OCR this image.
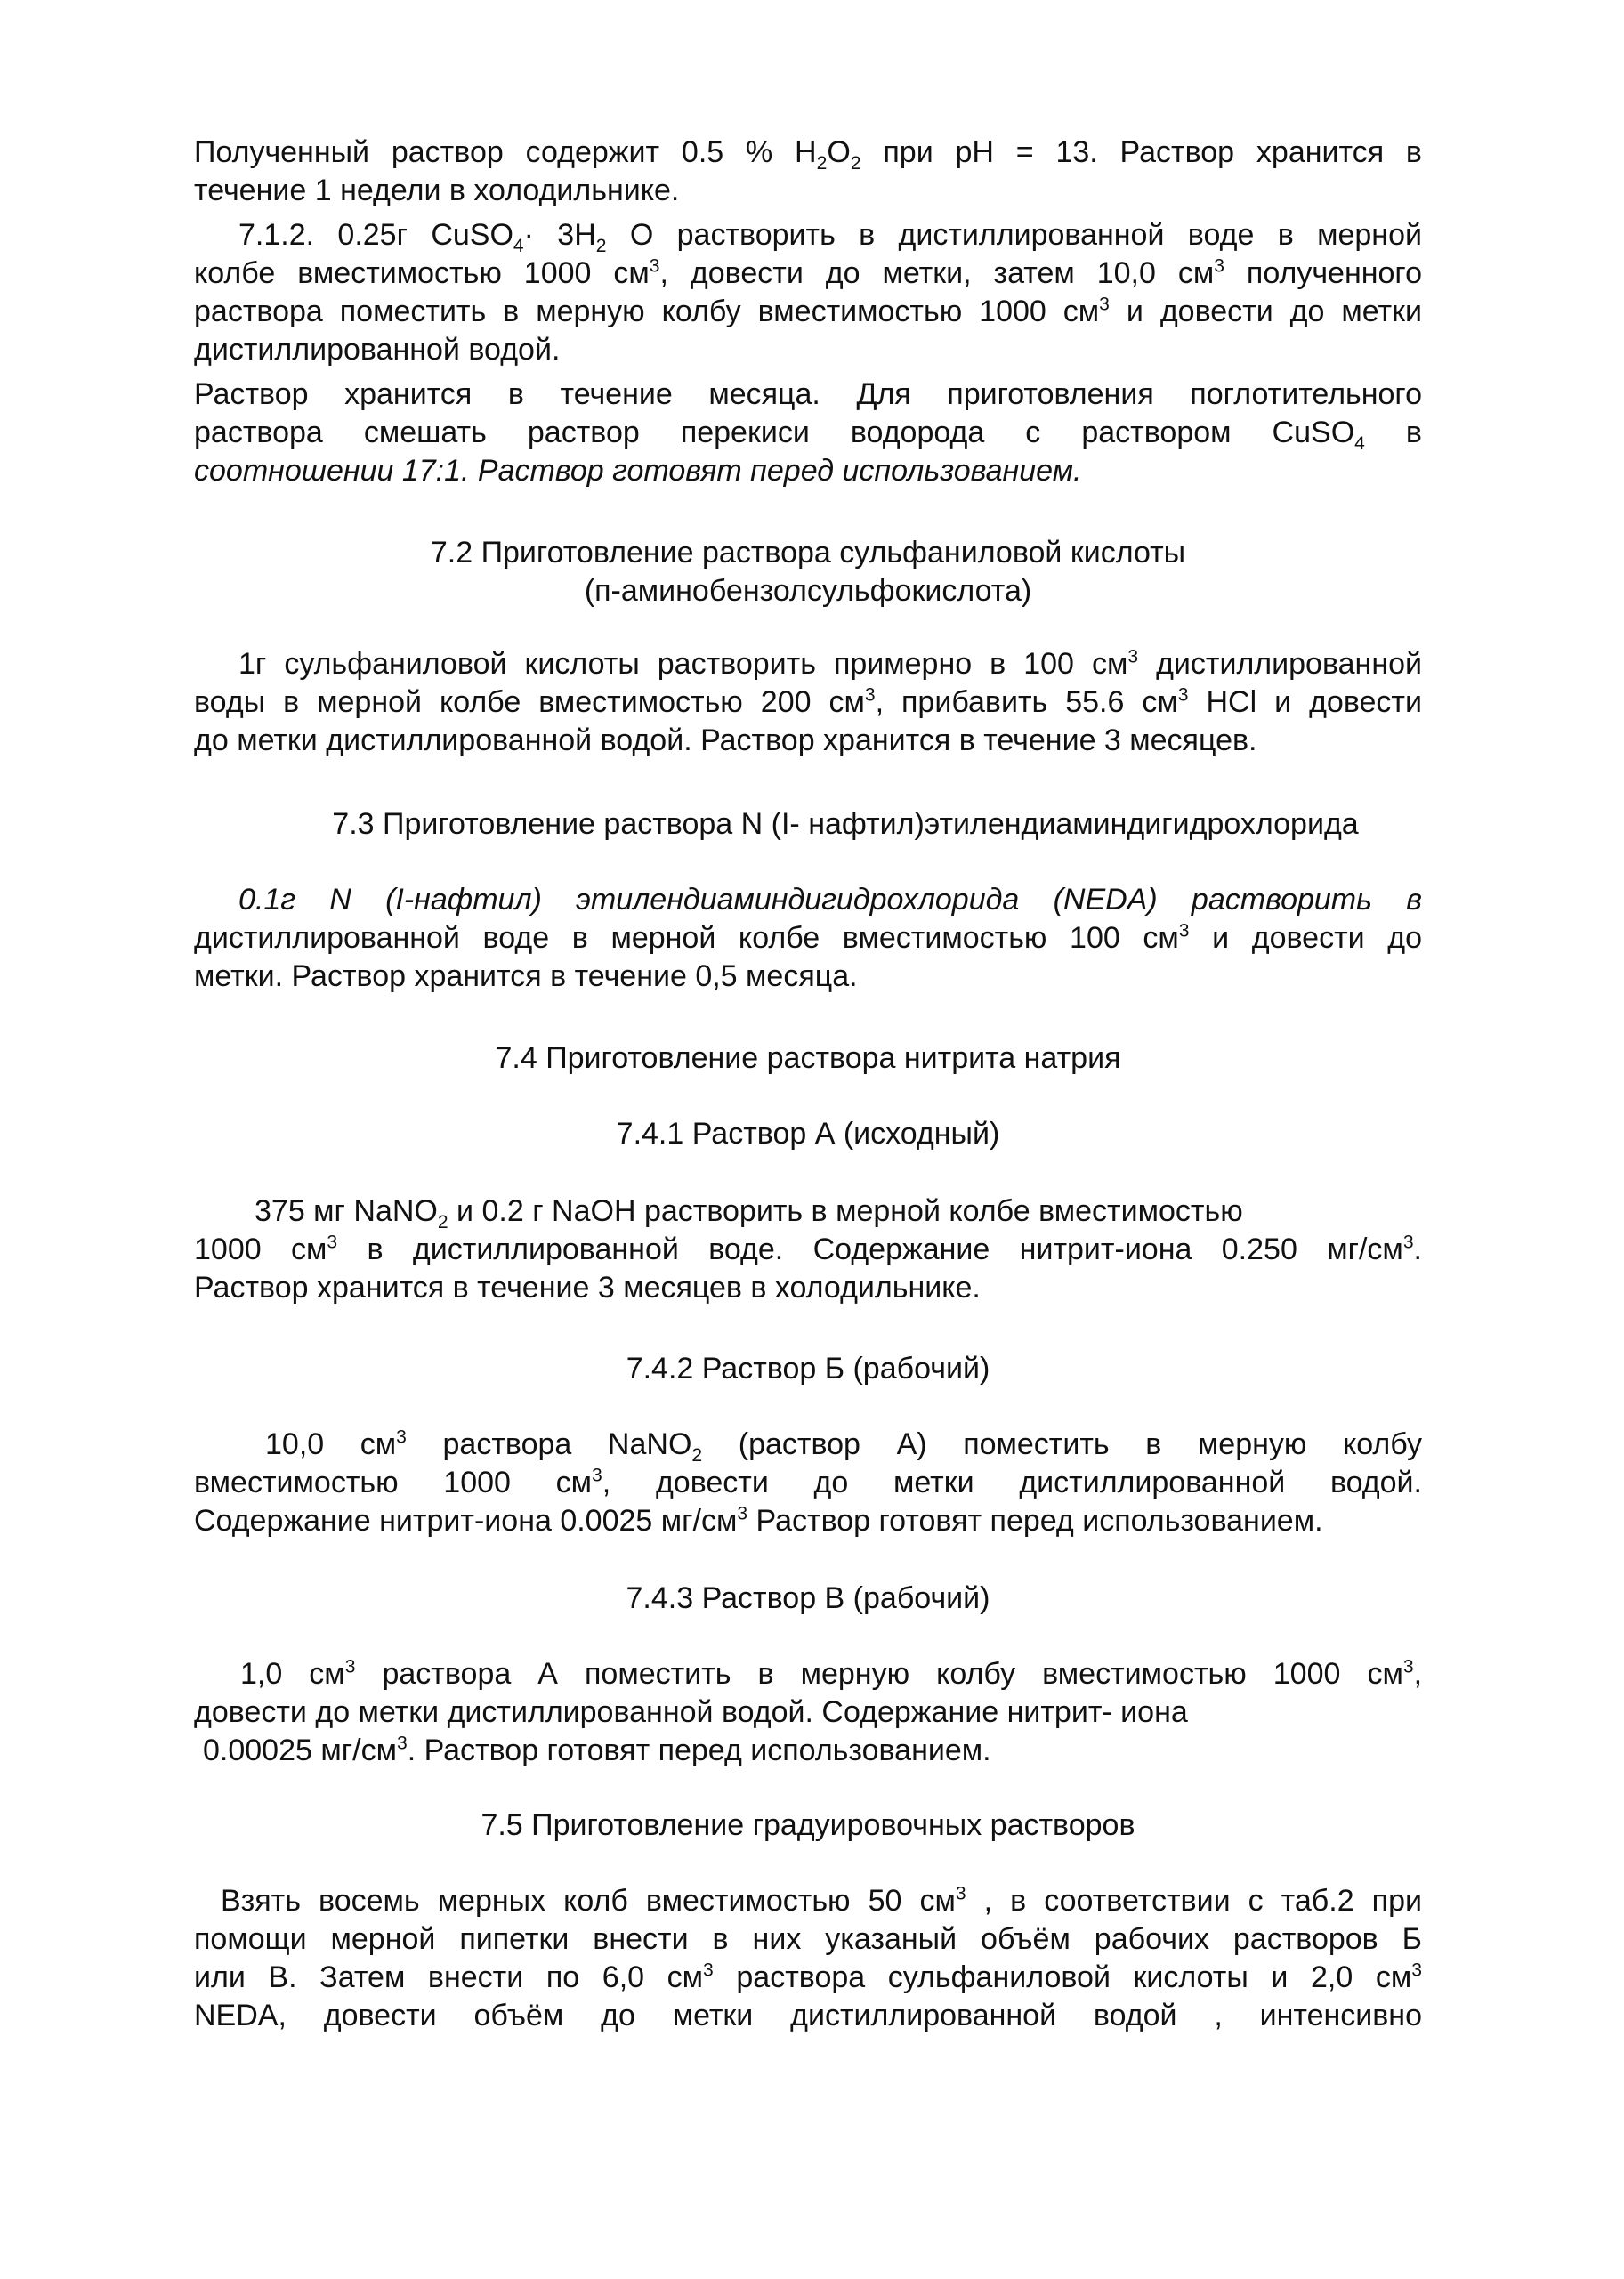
Полученный раствор содержит 0.5 % $H_2O_2$ при pH = 13. Раствор хранится в
течение 1 недели в холодильнике.
7.1.2. 0.25г CuSO$_4$· $3H_2$ O растворить в дистиллированной воде в мерной
колбе вместимостью 1000 $см^3$, довести до метки, затем 10,0 $см^3$ полученного
раствора поместить в мерную колбу вместимостью 1000 $см^3$ и довести до метки
дистиллированной водой.
Раствор хранится в течение месяца. Для приготовления поглотительного
раствора смешать раствор перекиси водорода с раствором CuSO$_4$ в
соотношении 17:1. Раствор готовят перед использованием.
7.2 Приготовление раствора сульфаниловой кислоты
(п-аминобензолсульфокислота)
1г сульфаниловой кислоты растворить примерно в 100 $см^3$ дистиллированной
воды в мерной колбе вместимостью 200 $см^3$, прибавить 55.6 $см^3$ HCl и довести
до метки дистиллированной водой. Раствор хранится в течение 3 месяцев.
7.3 Приготовление раствора N (I- нафтил)этилендиаминдигидрохлорида
0.1г N (I-нафтил) этилендиаминдигидрохлорида (NEDA) растворить в
дистиллированной воде в мерной колбе вместимостью 100 $см^3$ и довести до
метки. Раствор хранится в течение 0,5 месяца.
7.4 Приготовление раствора нитрита натрия
7.4.1 Раствор А (исходный)
375 мг NaNO$_2$ и 0.2 г NaOH растворить в мерной колбе вместимостью
1000 $см^3$ в дистиллированной воде. Содержание нитрит-иона 0.250 $мг/см^3$.
Раствор хранится в течение 3 месяцев в холодильнике.
7.4.2 Раствор Б (рабочий)
10,0 $см^3$ раствора NaNO$_2$ (раствор А) поместить в мерную колбу
вместимостью 1000 $см^3$, довести до метки дистиллированной водой.
Содержание нитрит-иона 0.0025 $мг/см^3$ Раствор готовят перед использованием.
7.4.3 Раствор В (рабочий)
1,0 $см^3$ раствора А поместить в мерную колбу вместимостью 1000 $см^3$,
довести до метки дистиллированной водой. Содержание нитрит- иона
0.00025 $мг/см^3$. Раствор готовят перед использованием.
7.5 Приготовление градуировочных растворов
Взять восемь мерных колб вместимостью 50 $см^3$ , в соответствии с таб.2 при
помощи мерной пипетки внести в них указаный объём рабочих растворов Б
или В. Затем внести по 6,0 $см^3$ раствора сульфаниловой кислоты и 2,0 $см^3$
NEDA, довести объём до метки дистиллированной водой , интенсивно
